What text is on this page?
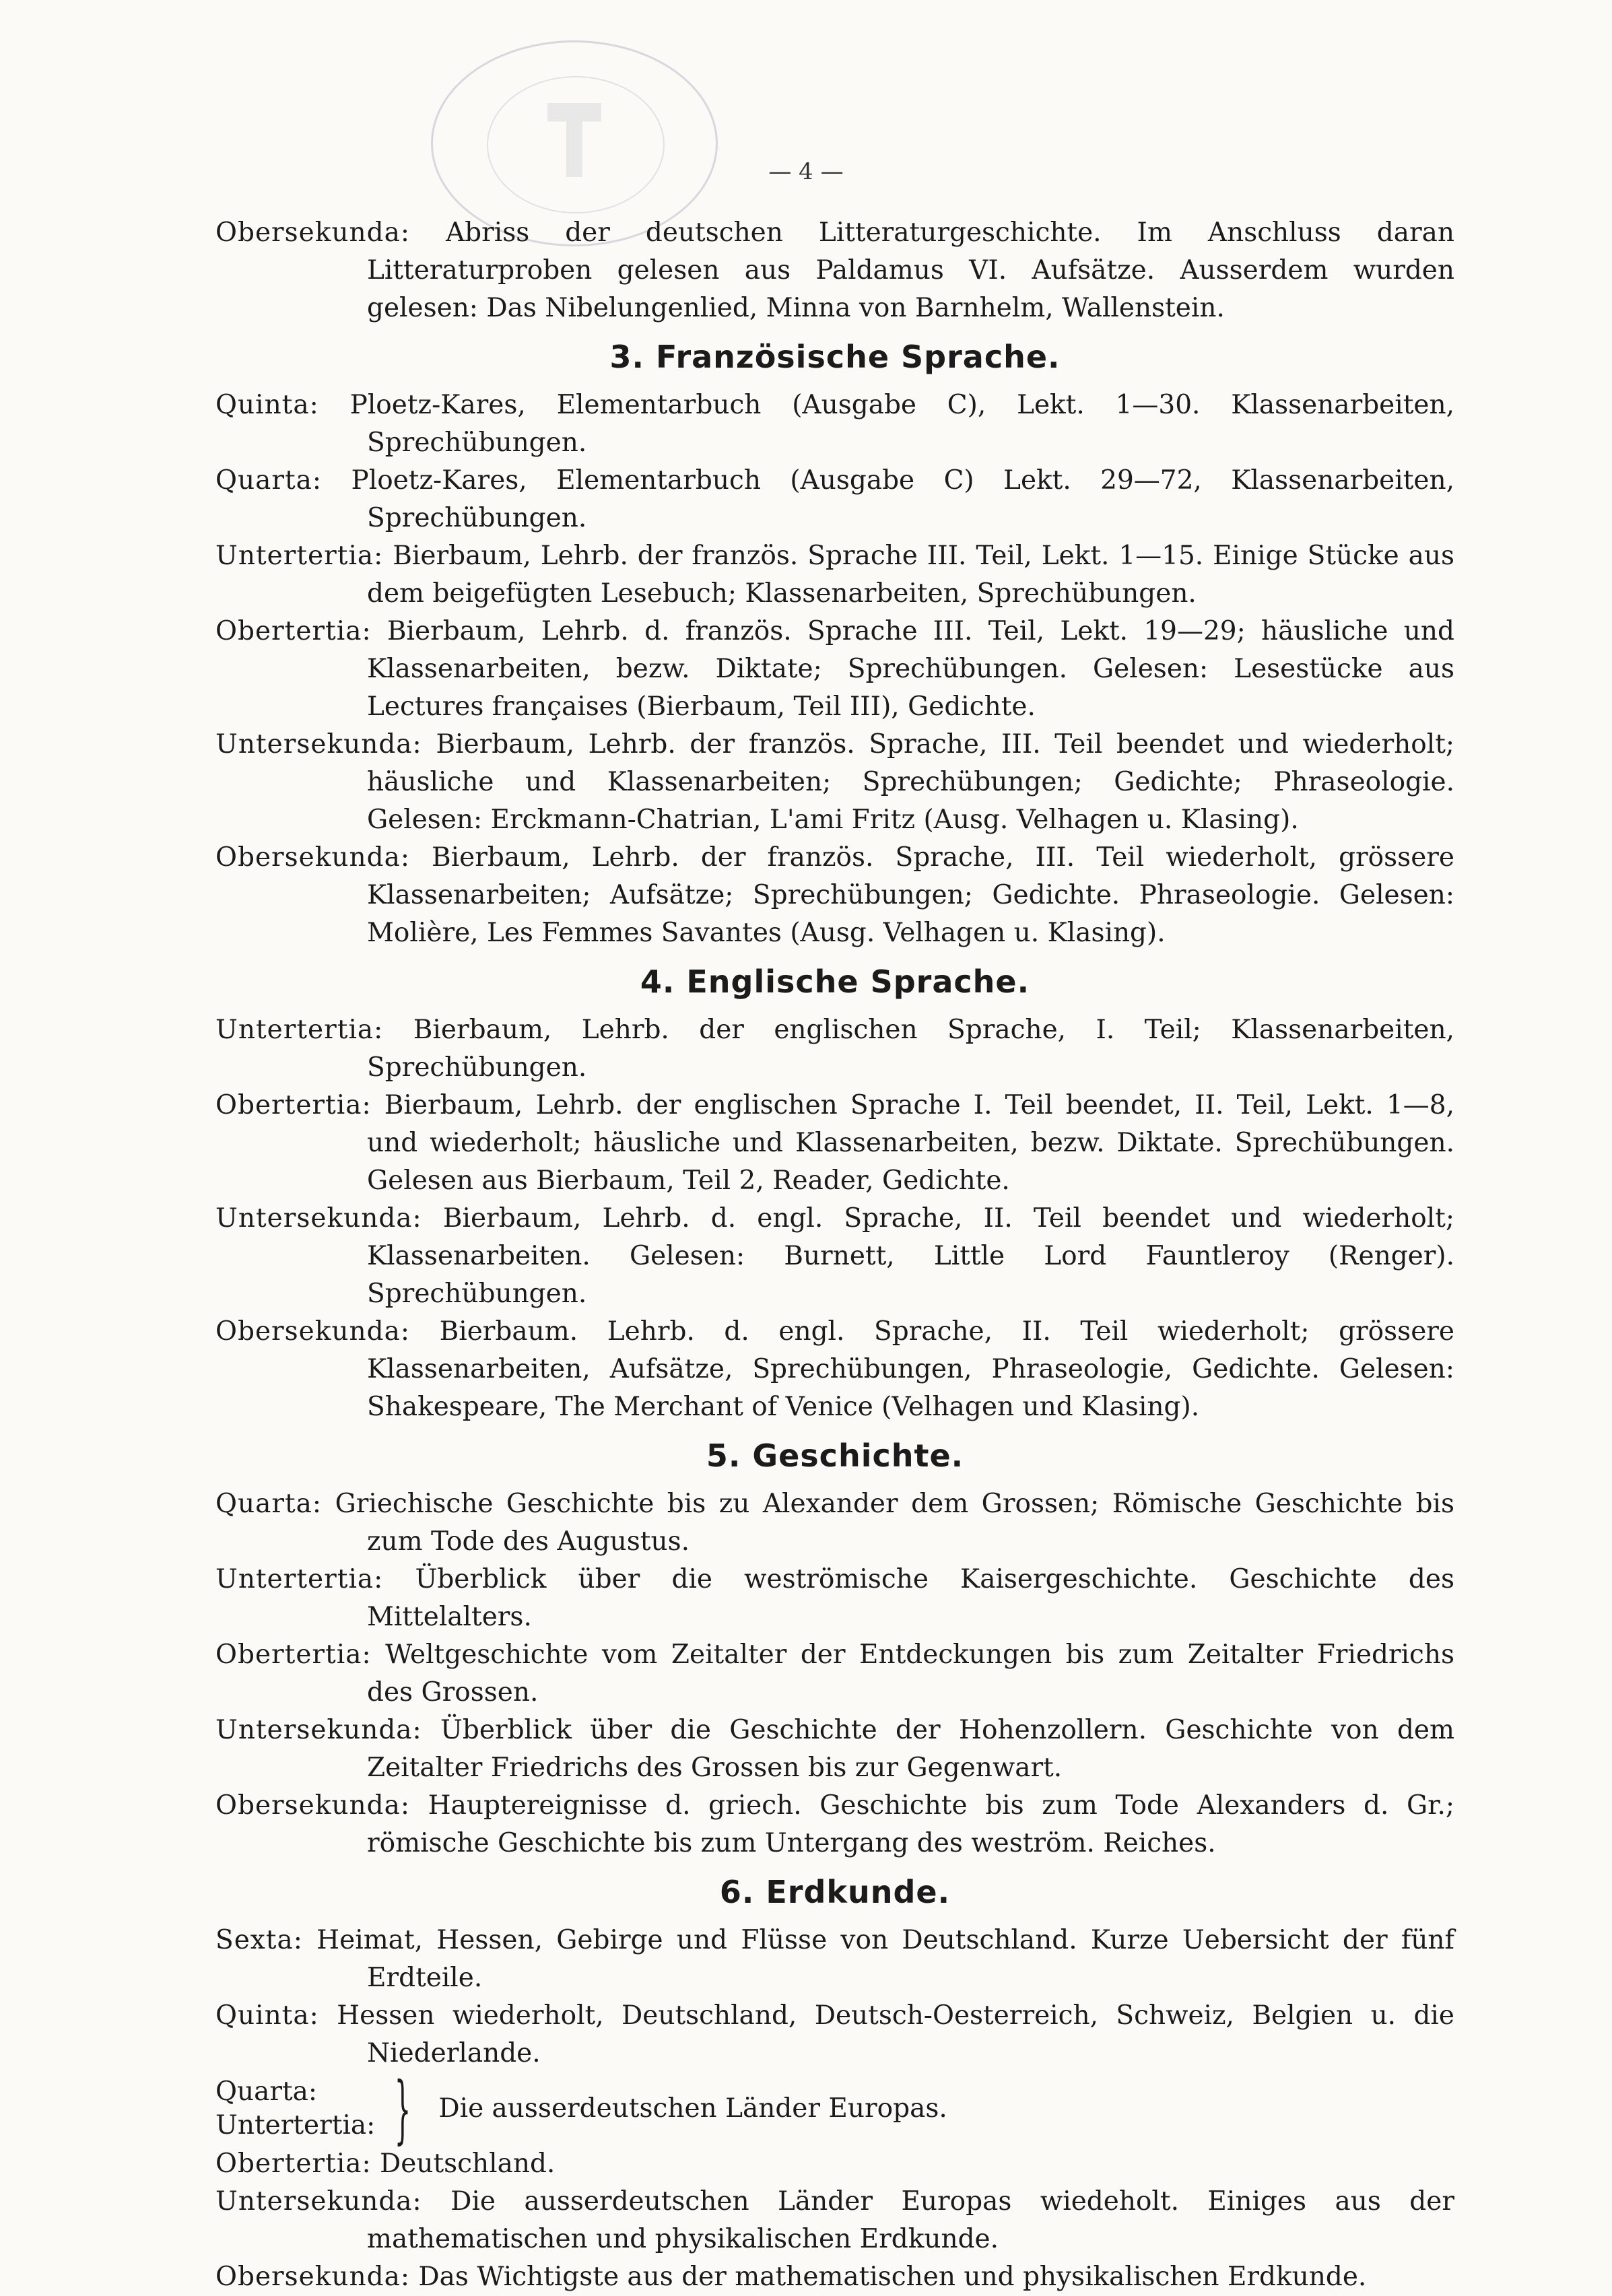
— 4 —

Obersekunda: Abriss der deutschen Litteraturgeschichte. Im Anschluss daran Litteraturproben gelesen aus Paldamus VI. Aufsätze. Ausserdem wurden gelesen: Das Nibelungenlied, Minna von Barnhelm, Wallenstein.

3. Französische Sprache.

Quinta: Ploetz-Kares, Elementarbuch (Ausgabe C), Lekt. 1—30. Klassenarbeiten, Sprechübungen.

Quarta: Ploetz-Kares, Elementarbuch (Ausgabe C) Lekt. 29—72, Klassenarbeiten, Sprechübungen.

Untertertia: Bierbaum, Lehrb. der französ. Sprache III. Teil, Lekt. 1—15. Einige Stücke aus dem beigefügten Lesebuch; Klassenarbeiten, Sprechübungen.

Obertertia: Bierbaum, Lehrb. d. französ. Sprache III. Teil, Lekt. 19—29; häusliche und Klassenarbeiten, bezw. Diktate; Sprechübungen. Gelesen: Lesestücke aus Lectures françaises (Bierbaum, Teil III), Gedichte.

Untersekunda: Bierbaum, Lehrb. der französ. Sprache, III. Teil beendet und wiederholt; häusliche und Klassenarbeiten; Sprechübungen; Gedichte; Phraseologie. Gelesen: Erckmann-Chatrian, L'ami Fritz (Ausg. Velhagen u. Klasing).

Obersekunda: Bierbaum, Lehrb. der französ. Sprache, III. Teil wiederholt, grössere Klassenarbeiten; Aufsätze; Sprechübungen; Gedichte. Phraseologie. Gelesen: Molière, Les Femmes Savantes (Ausg. Velhagen u. Klasing).

4. Englische Sprache.

Untertertia: Bierbaum, Lehrb. der englischen Sprache, I. Teil; Klassenarbeiten, Sprechübungen.

Obertertia: Bierbaum, Lehrb. der englischen Sprache I. Teil beendet, II. Teil, Lekt. 1—8, und wiederholt; häusliche und Klassenarbeiten, bezw. Diktate. Sprechübungen. Gelesen aus Bierbaum, Teil 2, Reader, Gedichte.

Untersekunda: Bierbaum, Lehrb. d. engl. Sprache, II. Teil beendet und wiederholt; Klassenarbeiten. Gelesen: Burnett, Little Lord Fauntleroy (Renger). Sprechübungen.

Obersekunda: Bierbaum. Lehrb. d. engl. Sprache, II. Teil wiederholt; grössere Klassenarbeiten, Aufsätze, Sprechübungen, Phraseologie, Gedichte. Gelesen: Shakespeare, The Merchant of Venice (Velhagen und Klasing).

5. Geschichte.

Quarta: Griechische Geschichte bis zu Alexander dem Grossen; Römische Geschichte bis zum Tode des Augustus.

Untertertia: Überblick über die weströmische Kaisergeschichte. Geschichte des Mittelalters.

Obertertia: Weltgeschichte vom Zeitalter der Entdeckungen bis zum Zeitalter Friedrichs des Grossen.

Untersekunda: Überblick über die Geschichte der Hohenzollern. Geschichte von dem Zeitalter Friedrichs des Grossen bis zur Gegenwart.

Obersekunda: Hauptereignisse d. griech. Geschichte bis zum Tode Alexanders d. Gr.; römische Geschichte bis zum Untergang des weström. Reiches.

6. Erdkunde.

Sexta: Heimat, Hessen, Gebirge und Flüsse von Deutschland. Kurze Uebersicht der fünf Erdteile.

Quinta: Hessen wiederholt, Deutschland, Deutsch-Oesterreich, Schweiz, Belgien u. die Niederlande.

Quarta:
Untertertia: } Die ausserdeutschen Länder Europas.

Obertertia: Deutschland.

Untersekunda: Die ausserdeutschen Länder Europas wiedeholt. Einiges aus der mathematischen und physikalischen Erdkunde.

Obersekunda: Das Wichtigste aus der mathematischen und physikalischen Erdkunde.
